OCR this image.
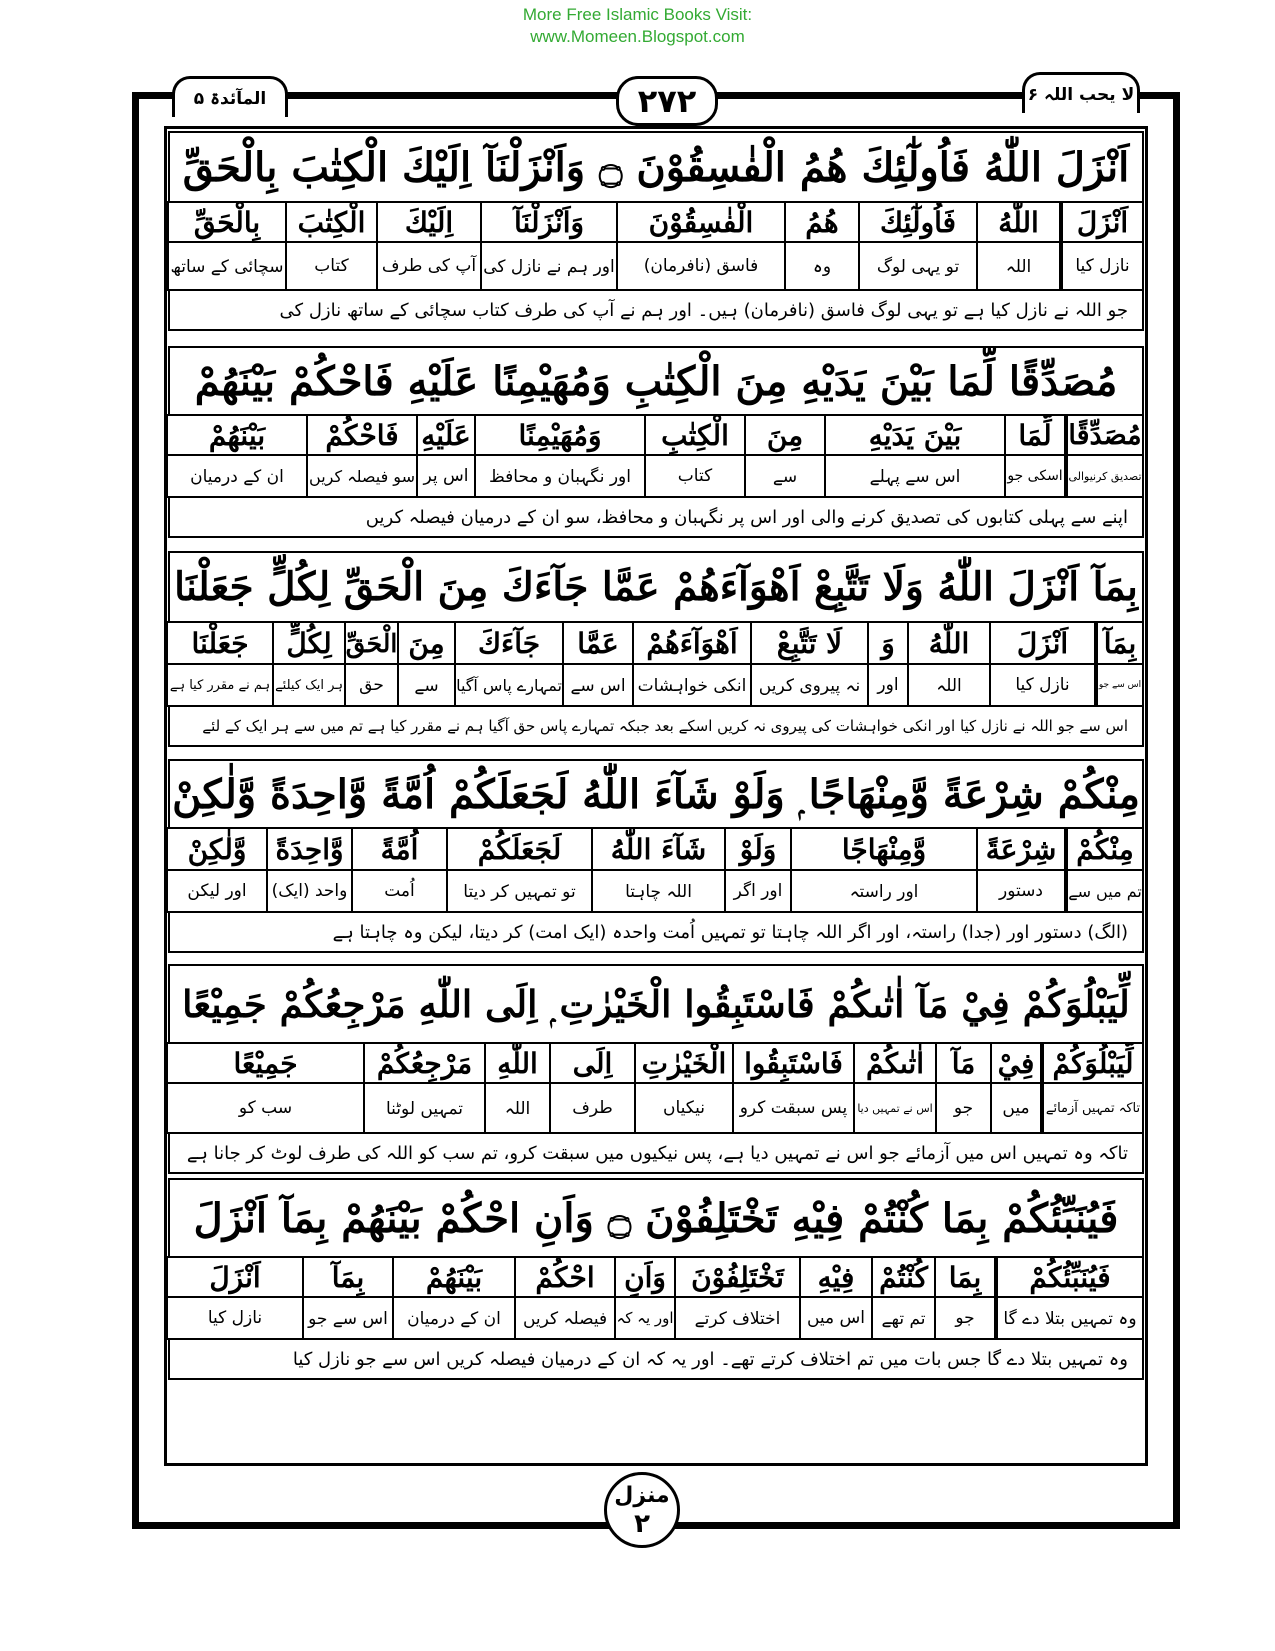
More Free Islamic Books Visit:
www.Momeen.Blogspot.com
المآئدۃ ۵	لا یحب اللہ ۶
۲۷۲
اَنْزَلَ اللّٰهُ فَاُولٰٓئِكَ هُمُ الْفٰسِقُوْنَ ۝ وَاَنْزَلْنَآ اِلَيْكَ الْكِتٰبَ بِالْحَقِّ
اَنْزَلَ
اللّٰهُ
فَاُولٰٓئِكَ
هُمُ
الْفٰسِقُوْنَ
وَاَنْزَلْنَآ
اِلَيْكَ
الْكِتٰبَ
بِالْحَقِّ
نازل کیا
اللہ
تو یہی لوگ
وہ
فاسق (نافرمان)
اور ہم نے نازل کی
آپ کی طرف
کتاب
سچائی کے ساتھ
جو اللہ نے نازل کیا ہے تو یہی لوگ فاسق (نافرمان) ہیں۔ اور ہم نے آپ کی طرف کتاب سچائی کے ساتھ نازل کی
مُصَدِّقًا لِّمَا بَيْنَ يَدَيْهِ مِنَ الْكِتٰبِ وَمُهَيْمِنًا عَلَيْهِ فَاحْكُمْ بَيْنَهُمْ
مُصَدِّقًا
لِّمَا
بَيْنَ يَدَيْهِ
مِنَ
الْكِتٰبِ
وَمُهَيْمِنًا
عَلَيْهِ
فَاحْكُمْ
بَيْنَهُمْ
تصدیق کرنیوالی
اسکی جو
اس سے پہلے
سے
کتاب
اور نگہبان و محافظ
اس پر
سو فیصلہ کریں
ان کے درمیان
اپنے سے پہلی کتابوں کی تصدیق کرنے والی اور اس پر نگہبان و محافظ، سو ان کے درمیان فیصلہ کریں
بِمَآ اَنْزَلَ اللّٰهُ وَلَا تَتَّبِعْ اَهْوَآءَهُمْ عَمَّا جَآءَكَ مِنَ الْحَقِّ لِكُلٍّ جَعَلْنَا
بِمَآ
اَنْزَلَ
اللّٰهُ
وَ
لَا تَتَّبِعْ
اَهْوَآءَهُمْ
عَمَّا
جَآءَكَ
مِنَ
الْحَقِّ
لِكُلٍّ
جَعَلْنَا
اس سے جو
نازل کیا
اللہ
اور
نہ پیروی کریں
انکی خواہشات
اس سے
تمہارے پاس آگیا
سے
حق
ہر ایک کیلئے
ہم نے مقرر کیا ہے
اس سے جو اللہ نے نازل کیا اور انکی خواہشات کی پیروی نہ کریں اسکے بعد جبکہ تمہارے پاس حق آگیا ہم نے مقرر کیا ہے تم میں سے ہر ایک کے لئے
مِنْكُمْ شِرْعَةً وَّمِنْهَاجًا ۭ وَلَوْ شَآءَ اللّٰهُ لَجَعَلَكُمْ اُمَّةً وَّاحِدَةً وَّلٰكِنْ
مِنْكُمْ
شِرْعَةً
وَّمِنْهَاجًا
وَلَوْ
شَآءَ اللّٰهُ
لَجَعَلَكُمْ
اُمَّةً
وَّاحِدَةً
وَّلٰكِنْ
تم میں سے
دستور
اور راستہ
اور اگر
اللہ چاہتا
تو تمہیں کر دیتا
اُمت
واحد (ایک)
اور لیکن
(الگ) دستور اور (جدا) راستہ، اور اگر اللہ چاہتا تو تمہیں اُمت واحدہ (ایک امت) کر دیتا، لیکن وہ چاہتا ہے
لِّيَبْلُوَكُمْ فِيْ مَآ اٰتٰىكُمْ فَاسْتَبِقُوا الْخَيْرٰتِ ۭ اِلَى اللّٰهِ مَرْجِعُكُمْ جَمِيْعًا
لِّيَبْلُوَكُمْ
فِيْ
مَآ
اٰتٰىكُمْ
فَاسْتَبِقُوا
الْخَيْرٰتِ
اِلَى
اللّٰهِ
مَرْجِعُكُمْ
جَمِيْعًا
تاکہ تمہیں آزمائے
میں
جو
اس نے تمہیں دیا
پس سبقت کرو
نیکیاں
طرف
اللہ
تمہیں لوٹنا
سب کو
تاکہ وہ تمہیں اس میں آزمائے جو اس نے تمہیں دیا ہے، پس نیکیوں میں سبقت کرو، تم سب کو اللہ کی طرف لوٹ کر جانا ہے
فَيُنَبِّئُكُمْ بِمَا كُنْتُمْ فِيْهِ تَخْتَلِفُوْنَ ۝ وَاَنِ احْكُمْ بَيْنَهُمْ بِمَآ اَنْزَلَ
فَيُنَبِّئُكُمْ
بِمَا
كُنْتُمْ
فِيْهِ
تَخْتَلِفُوْنَ
وَاَنِ
احْكُمْ
بَيْنَهُمْ
بِمَآ
اَنْزَلَ
وہ تمہیں بتلا دے گا
جو
تم تھے
اس میں
اختلاف کرتے
اور یہ کہ
فیصلہ کریں
ان کے درمیان
اس سے جو
نازل کیا
وہ تمہیں بتلا دے گا جس بات میں تم اختلاف کرتے تھے۔ اور یہ کہ ان کے درمیان فیصلہ کریں اس سے جو نازل کیا
منزل
۲
